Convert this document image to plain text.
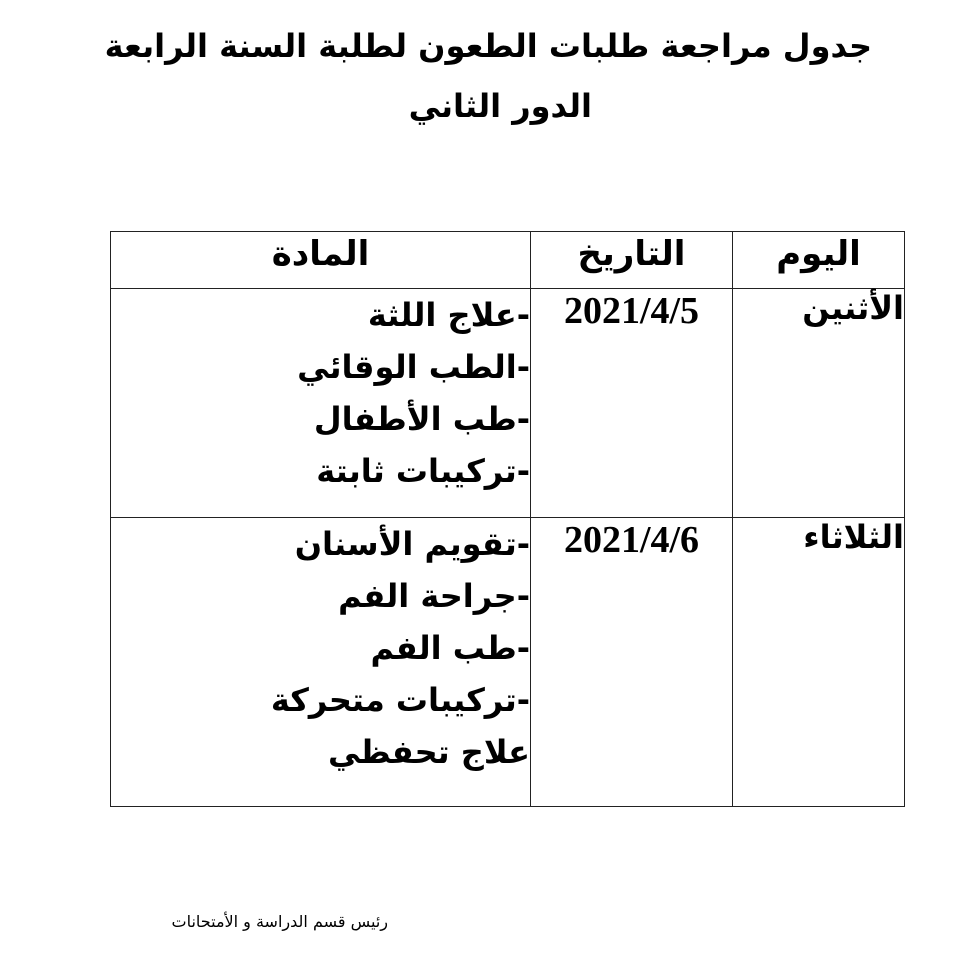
جدول مراجعة طلبات الطعون لطلبة السنة الرابعة
الدور الثاني
اليوم	التاريخ	المادة
الأثنين	2021/4/5	-علاج اللثة
-الطب الوقائي
-طب الأطفال
-تركيبات ثابتة

الثلاثاء	2021/4/6	-تقويم الأسنان
-جراحة الفم
-طب الفم
-تركيبات متحركة
علاج تحفظي
رئيس قسم الدراسة و الأمتحانات
